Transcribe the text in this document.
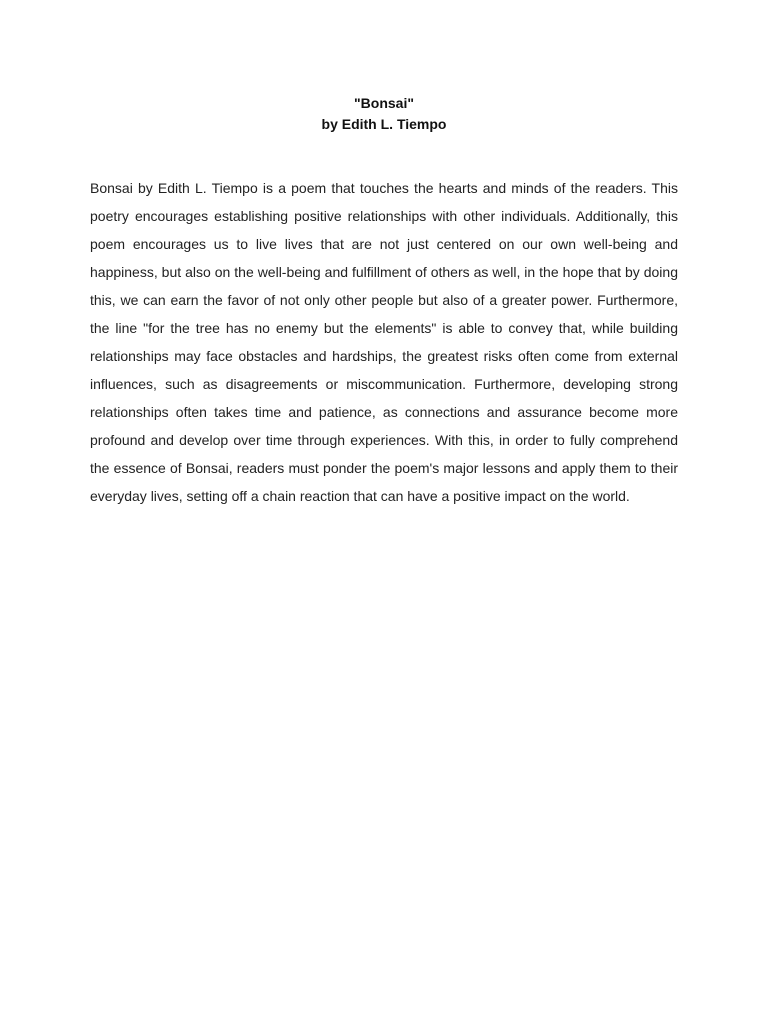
"Bonsai"
by Edith L. Tiempo

Bonsai by Edith L. Tiempo is a poem that touches the hearts and minds of the readers. This poetry encourages establishing positive relationships with other individuals. Additionally, this poem encourages us to live lives that are not just centered on our own well-being and happiness, but also on the well-being and fulfillment of others as well, in the hope that by doing this, we can earn the favor of not only other people but also of a greater power. Furthermore, the line "for the tree has no enemy but the elements" is able to convey that, while building relationships may face obstacles and hardships, the greatest risks often come from external influences, such as disagreements or miscommunication. Furthermore, developing strong relationships often takes time and patience, as connections and assurance become more profound and develop over time through experiences. With this, in order to fully comprehend the essence of Bonsai, readers must ponder the poem's major lessons and apply them to their everyday lives, setting off a chain reaction that can have a positive impact on the world.
